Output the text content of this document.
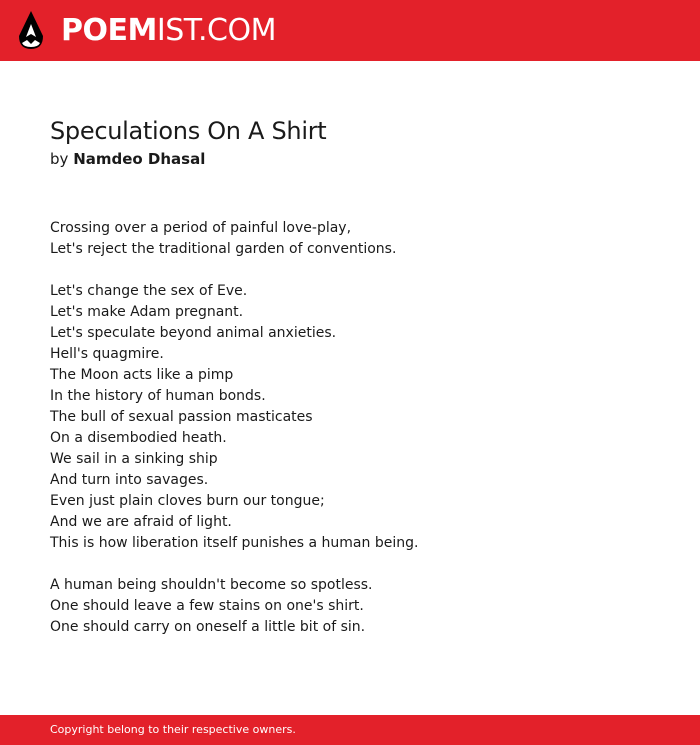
POEMIST.COM
Speculations On A Shirt
by Namdeo Dhasal
Crossing over a period of painful love-play,
Let's reject the traditional garden of conventions.
Let's change the sex of Eve.
Let's make Adam pregnant.
Let's speculate beyond animal anxieties.
Hell's quagmire.
The Moon acts like a pimp
In the history of human bonds.
The bull of sexual passion masticates
On a disembodied heath.
We sail in a sinking ship
And turn into savages.
Even just plain cloves burn our tongue;
And we are afraid of light.
This is how liberation itself punishes a human being.
A human being shouldn't become so spotless.
One should leave a few stains on one's shirt.
One should carry on oneself a little bit of sin.
Copyright belong to their respective owners.
